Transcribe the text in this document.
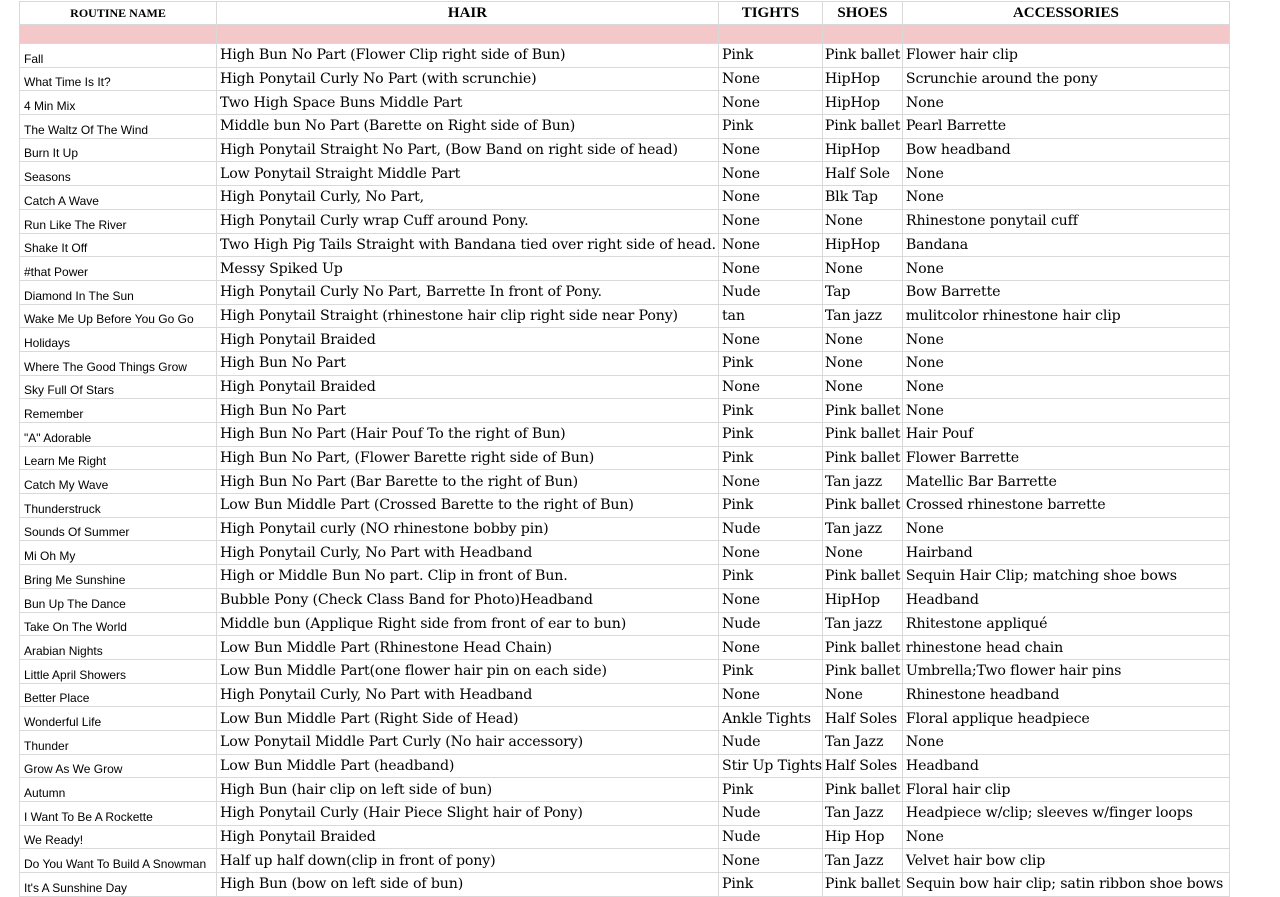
ROUTINE NAME	HAIR	TIGHTS	SHOES	ACCESSORIES

Fall	High Bun No Part (Flower Clip right side of Bun)	Pink	Pink ballet	Flower hair clip
What Time Is It?	High Ponytail Curly No Part (with scrunchie)	None	HipHop	Scrunchie around the pony
4 Min Mix	Two High Space Buns Middle Part	None	HipHop	None
The Waltz Of The Wind	Middle bun No Part (Barette on Right side of Bun)	Pink	Pink ballet	Pearl Barrette
Burn It Up	High Ponytail Straight No Part, (Bow Band on right side of head)	None	HipHop	Bow headband
Seasons	Low Ponytail Straight Middle Part	None	Half Sole	None
Catch A Wave	High Ponytail Curly, No Part,	None	Blk Tap	None
Run Like The River	High Ponytail Curly wrap Cuff around Pony.	None	None	Rhinestone ponytail cuff
Shake It Off	Two High Pig Tails Straight with Bandana tied over right side of head.	None	HipHop	Bandana
#that Power	Messy Spiked Up	None	None	None
Diamond In The Sun	High Ponytail Curly No Part, Barrette In front of Pony.	Nude	Tap	Bow Barrette
Wake Me Up Before You Go Go	High Ponytail Straight (rhinestone hair clip right side near Pony)	tan	Tan jazz	mulitcolor rhinestone hair clip
Holidays	High Ponytail Braided	None	None	None
Where The Good Things Grow	High Bun No Part	Pink	None	None
Sky Full Of Stars	High Ponytail Braided	None	None	None
Remember	High Bun No Part	Pink	Pink ballet	None
"A" Adorable	High Bun No Part (Hair Pouf To the right of Bun)	Pink	Pink ballet	Hair Pouf
Learn Me Right	High Bun No Part, (Flower Barette right side of Bun)	Pink	Pink ballet	Flower Barrette
Catch My Wave	High Bun No Part (Bar Barette to the right of Bun)	None	Tan jazz	Matellic Bar Barrette
Thunderstruck	Low Bun Middle Part (Crossed Barette to the right of Bun)	Pink	Pink ballet	Crossed rhinestone barrette
Sounds Of Summer	High Ponytail curly (NO rhinestone bobby pin)	Nude	Tan jazz	None
Mi Oh My	High Ponytail Curly, No Part with Headband	None	None	Hairband
Bring Me Sunshine	High or Middle Bun No part. Clip in front of Bun.	Pink	Pink ballet	Sequin Hair Clip; matching shoe bows
Bun Up The Dance	Bubble Pony (Check Class Band for Photo)Headband	None	HipHop	Headband
Take On The World	Middle bun (Applique Right side from front of ear to bun)	Nude	Tan jazz	Rhitestone appliqué
Arabian Nights	Low Bun Middle Part (Rhinestone Head Chain)	None	Pink ballet	rhinestone head chain
Little April Showers	Low Bun Middle Part(one flower hair pin on each side)	Pink	Pink ballet	Umbrella;Two flower hair pins
Better Place	High Ponytail Curly, No Part with Headband	None	None	Rhinestone headband
Wonderful Life	Low Bun Middle Part (Right Side of Head)	Ankle Tights	Half Soles	Floral applique headpiece
Thunder	Low Ponytail Middle Part Curly (No hair accessory)	Nude	Tan Jazz	None
Grow As We Grow	Low Bun Middle Part (headband)	Stir Up Tights	Half Soles	Headband
Autumn	High Bun (hair clip on left side of bun)	Pink	Pink ballet	Floral hair clip
I Want To Be A Rockette	High Ponytail Curly (Hair Piece Slight hair of Pony)	Nude	Tan Jazz	Headpiece w/clip; sleeves w/finger loops
We Ready!	High Ponytail Braided	Nude	Hip Hop	None
Do You Want To Build A Snowman	Half up half down(clip in front of pony)	None	Tan Jazz	Velvet hair bow clip
It's A Sunshine Day	High Bun (bow on left side of bun)	Pink	Pink ballet	Sequin bow hair clip; satin ribbon shoe bows
